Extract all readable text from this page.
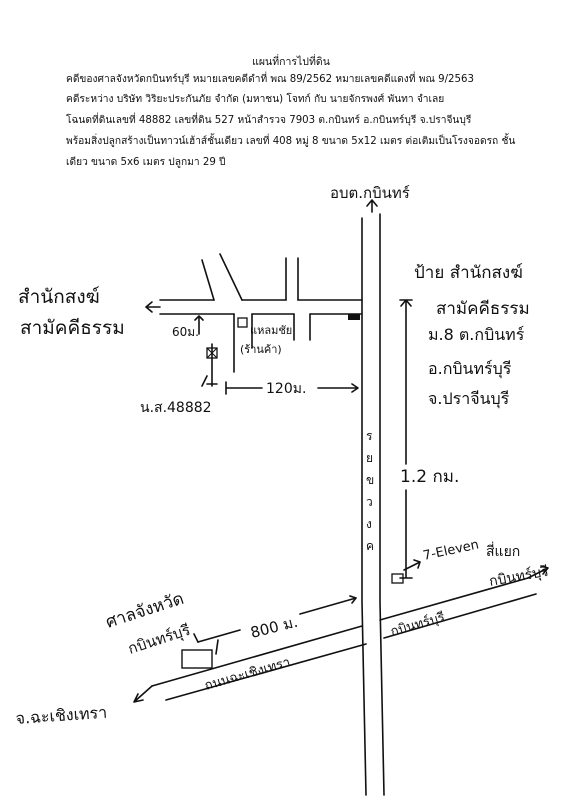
แผนที่การไปที่ดิน
คดีของศาลจังหวัดกบินทร์บุรี หมายเลขคดีดำที่ พณ 89/2562 หมายเลขคดีแดงที่ พณ 9/2563
คดีระหว่าง บริษัท วิริยะประกันภัย จำกัด (มหาชน) โจทก์ กับ นายจักรพงศ์ พันทา จำเลย
โฉนดที่ดินเลขที่ 48882 เลขที่ดิน 527 หน้าสำรวจ 7903 ต.กบินทร์ อ.กบินทร์บุรี จ.ปราจีนบุรี
พร้อมสิ่งปลูกสร้างเป็นทาวน์เฮ้าส์ชั้นเดียว เลขที่ 408 หมู่ 8 ขนาด 5x12 เมตร ต่อเติมเป็นโรงจอดรถ ชั้น
เดียว ขนาด 5x6 เมตร ปลูกมา 29 ปี
อบต.กบินทร์
สำนักสงฆ์
สามัคคีธรรม	60ม.	แหลมชัย
(ร้านค้า)
120ม.
น.ส.48882
ป้าย สำนักสงฆ์
สามัคคีธรรม
ม.8 ต.กบินทร์
อ.กบินทร์บุรี
จ.ปราจีนบุรี
ร
ย
ข
ว
ง
ค
1.2 กม.
7-Eleven สี่แยก
กบินทร์บุรี
ศาลจังหวัด
กบินทร์บุรี	800 ม.
ถนนฉะเชิงเทรา
กบินทร์บุรี
จ.ฉะเชิงเทรา
